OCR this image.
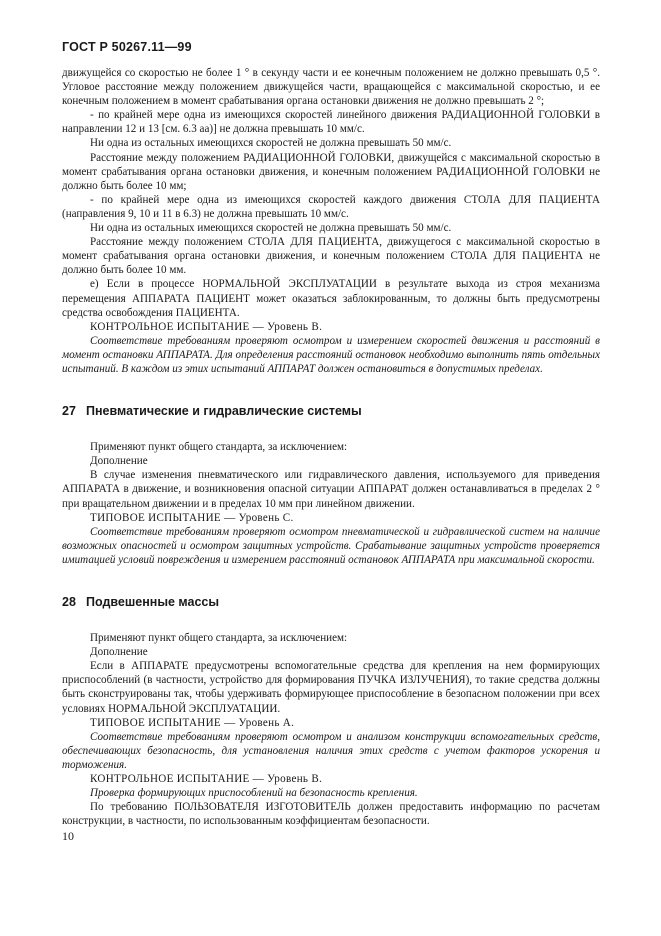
ГОСТ Р 50267.11—99

движущейся со скоростью не более 1 ° в секунду части и ее конечным положением не должно превышать 0,5 °. Угловое расстояние между положением движущейся части, вращающейся с максимальной скоростью, и ее конечным положением в момент срабатывания органа остановки движения не должно превышать 2 °;

- по крайней мере одна из имеющихся скоростей линейного движения РАДИАЦИОННОЙ ГОЛОВКИ в направлении 12 и 13 [см. 6.3 аа)] не должна превышать 10 мм/с.

Ни одна из остальных имеющихся скоростей не должна превышать 50 мм/с.

Расстояние между положением РАДИАЦИОННОЙ ГОЛОВКИ, движущейся с максимальной скоростью в момент срабатывания органа остановки движения, и конечным положением РАДИАЦИОННОЙ ГОЛОВКИ не должно быть более 10 мм;

- по крайней мере одна из имеющихся скоростей каждого движения СТОЛА ДЛЯ ПАЦИЕНТА (направления 9, 10 и 11 в 6.3) не должна превышать 10 мм/с.

Ни одна из остальных имеющихся скоростей не должна превышать 50 мм/с.

Расстояние между положением СТОЛА ДЛЯ ПАЦИЕНТА, движущегося с максимальной скоростью в момент срабатывания органа остановки движения, и конечным положением СТОЛА ДЛЯ ПАЦИЕНТА не должно быть более 10 мм.

е) Если в процессе НОРМАЛЬНОЙ ЭКСПЛУАТАЦИИ в результате выхода из строя механизма перемещения АППАРАТА ПАЦИЕНТ может оказаться заблокированным, то должны быть предусмотрены средства освобождения ПАЦИЕНТА.

КОНТРОЛЬНОЕ ИСПЫТАНИЕ — Уровень В.

Соответствие требованиям проверяют осмотром и измерением скоростей движения и расстояний в момент остановки АППАРАТА. Для определения расстояний остановок необходимо выполнить пять отдельных испытаний. В каждом из этих испытаний АППАРАТ должен остановиться в допустимых пределах.

27 Пневматические и гидравлические системы

Применяют пункт общего стандарта, за исключением:

Дополнение

В случае изменения пневматического или гидравлического давления, используемого для приведения АППАРАТА в движение, и возникновения опасной ситуации АППАРАТ должен останавливаться в пределах 2 ° при вращательном движении и в пределах 10 мм при линейном движении.

ТИПОВОЕ ИСПЫТАНИЕ — Уровень С.

Соответствие требованиям проверяют осмотром пневматической и гидравлической систем на наличие возможных опасностей и осмотром защитных устройств. Срабатывание защитных устройств проверяется имитацией условий повреждения и измерением расстояний остановок АППАРАТА при максимальной скорости.

28 Подвешенные массы

Применяют пункт общего стандарта, за исключением:

Дополнение

Если в АППАРАТЕ предусмотрены вспомогательные средства для крепления на нем формирующих приспособлений (в частности, устройство для формирования ПУЧКА ИЗЛУЧЕНИЯ), то такие средства должны быть сконструированы так, чтобы удерживать формирующее приспособление в безопасном положении при всех условиях НОРМАЛЬНОЙ ЭКСПЛУАТАЦИИ.

ТИПОВОЕ ИСПЫТАНИЕ — Уровень А.

Соответствие требованиям проверяют осмотром и анализом конструкции вспомогательных средств, обеспечивающих безопасность, для установления наличия этих средств с учетом факторов ускорения и торможения.

КОНТРОЛЬНОЕ ИСПЫТАНИЕ — Уровень В.

Проверка формирующих приспособлений на безопасность крепления.

По требованию ПОЛЬЗОВАТЕЛЯ ИЗГОТОВИТЕЛЬ должен предоставить информацию по расчетам конструкции, в частности, по использованным коэффициентам безопасности.

10
